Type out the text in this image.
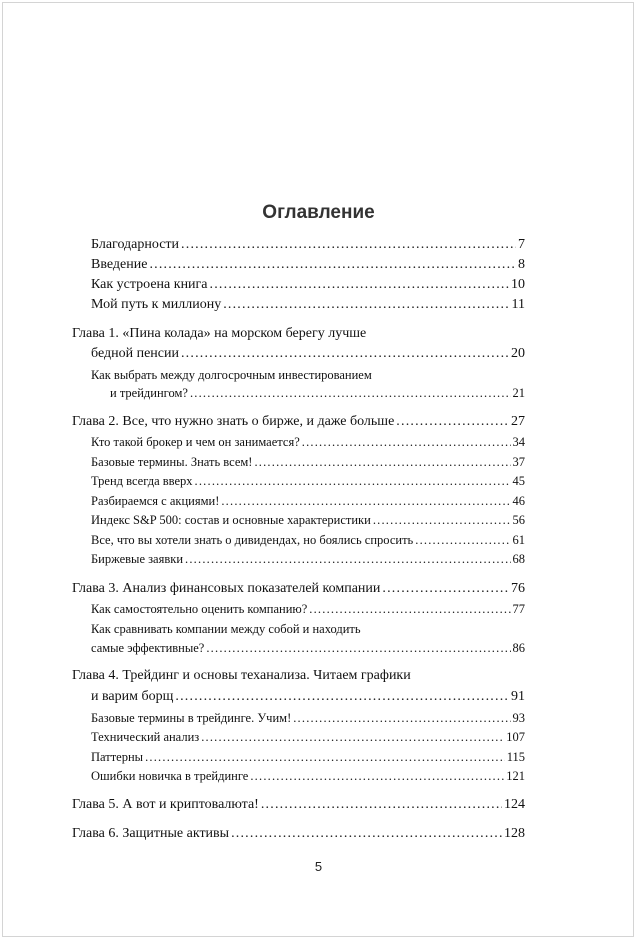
Оглавление
Благодарности .....	7
Введение .....	8
Как устроена книга .....	10
Мой путь к миллиону .....	11
Глава 1. «Пина колада» на морском берегу лучше
бедной пенсии .....	20
Как выбрать между долгосрочным инвестированием
и трейдингом? .....	21
Глава 2. Все, что нужно знать о бирже, и даже больше .....	27
Кто такой брокер и чем он занимается? .....	34
Базовые термины. Знать всем! .....	37
Тренд всегда вверх .....	45
Разбираемся с акциями! .....	46
Индекс S&P 500: состав и основные характеристики .....	56
Все, что вы хотели знать о дивидендах, но боялись спросить .....	61
Биржевые заявки .....	68
Глава 3. Анализ финансовых показателей компании .....	76
Как самостоятельно оценить компанию? .....	77
Как сравнивать компании между собой и находить
самые эффективные? .....	86
Глава 4. Трейдинг и основы теханализа. Читаем графики
и варим борщ .....	91
Базовые термины в трейдинге. Учим! .....	93
Технический анализ .....	107
Паттерны .....	115
Ошибки новичка в трейдинге .....	121
Глава 5. А вот и криптовалюта! .....	124
Глава 6. Защитные активы .....	128
5
